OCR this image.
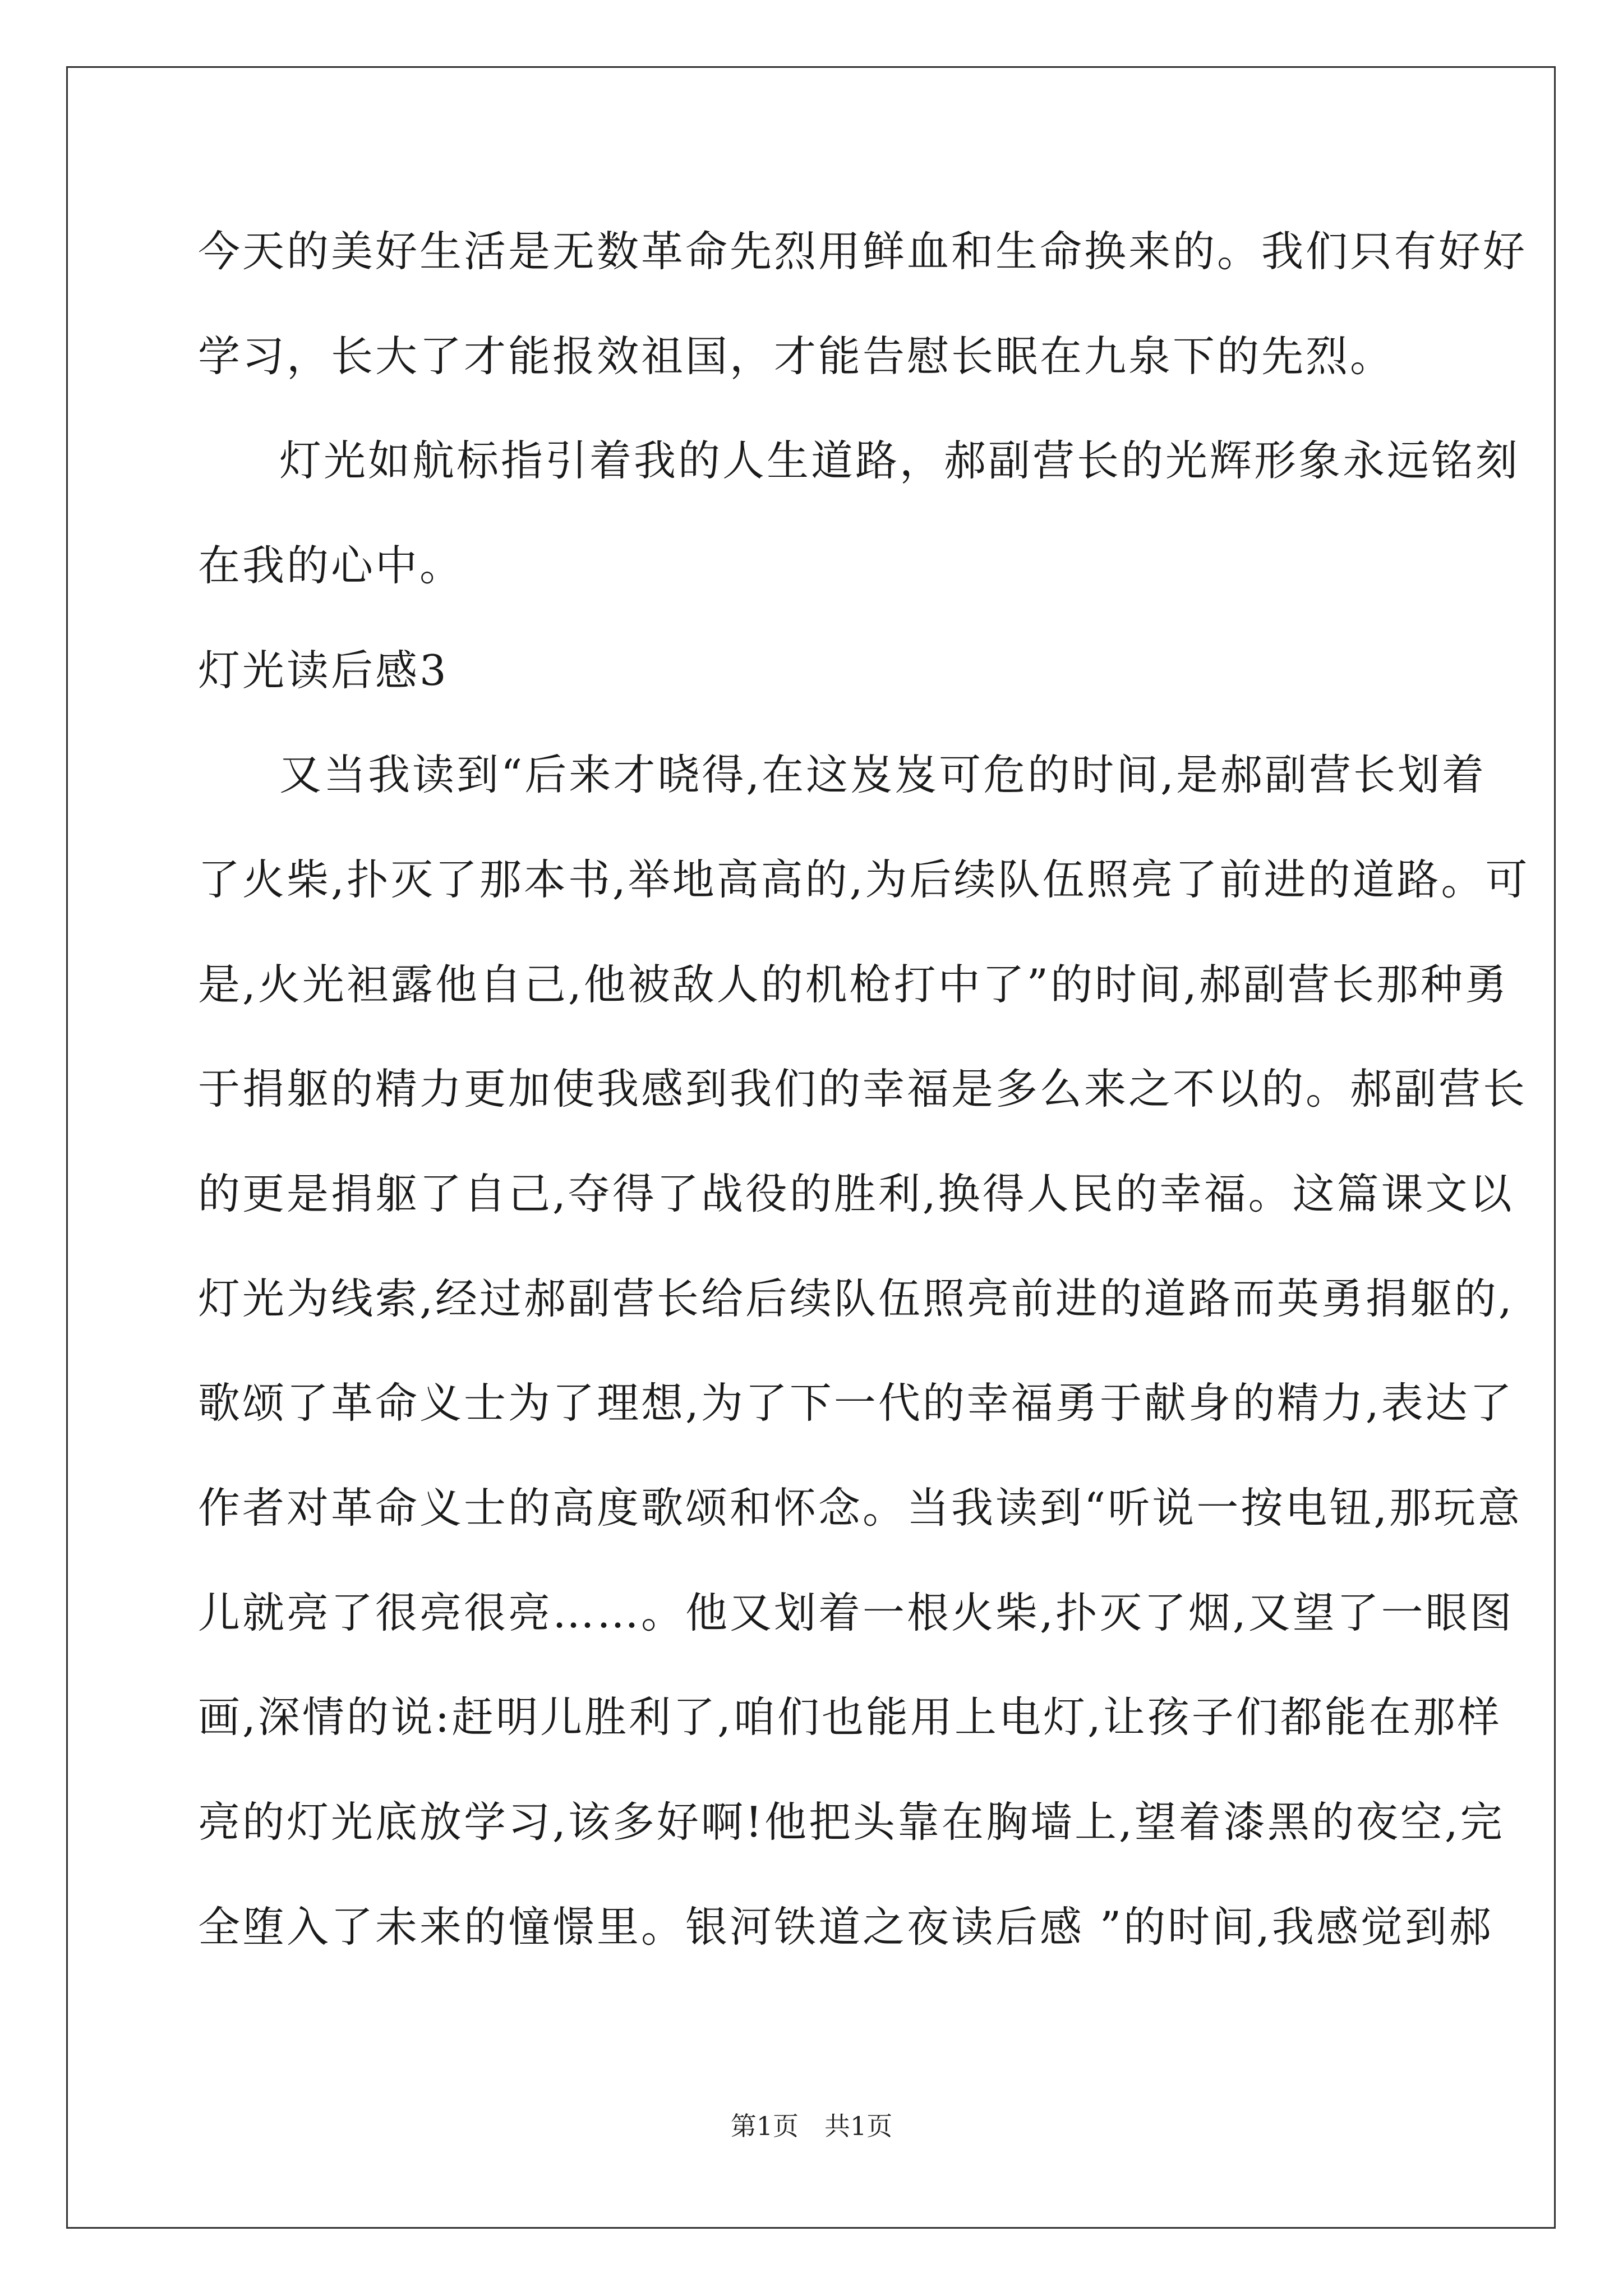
今天的美好生活是无数革命先烈用鲜血和生命换来的。我们只有好好
学习，长大了才能报效祖国，才能告慰长眠在九泉下的先烈。
灯光如航标指引着我的人生道路，郝副营长的光辉形象永远铭刻
在我的心中。
灯光读后感3
又当我读到“后来才晓得,在这岌岌可危的时间,是郝副营长划着
了火柴,扑灭了那本书,举地高高的,为后续队伍照亮了前进的道路。可
是,火光袒露他自己,他被敌人的机枪打中了”的时间,郝副营长那种勇
于捐躯的精力更加使我感到我们的幸福是多么来之不以的。郝副营长
的更是捐躯了自己,夺得了战役的胜利,换得人民的幸福。这篇课文以
灯光为线索,经过郝副营长给后续队伍照亮前进的道路而英勇捐躯的,
歌颂了革命义士为了理想,为了下一代的幸福勇于献身的精力,表达了
作者对革命义士的高度歌颂和怀念。当我读到“听说一按电钮,那玩意
儿就亮了很亮很亮……。他又划着一根火柴,扑灭了烟,又望了一眼图
画,深情的说:赶明儿胜利了,咱们也能用上电灯,让孩子们都能在那样
亮的灯光底放学习,该多好啊!他把头靠在胸墙上,望着漆黑的夜空,完
全堕入了未来的憧憬里。银河铁道之夜读后感 ”的时间,我感觉到郝
第1页　共1页
